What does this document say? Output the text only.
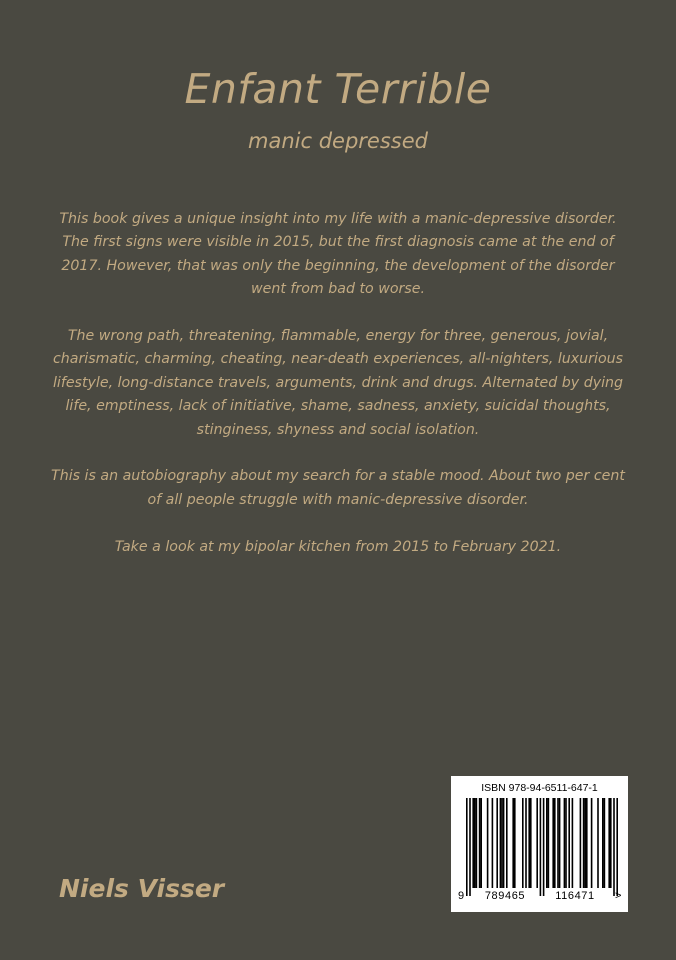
Enfant Terrible
manic depressed

This book gives a unique insight into my life with a manic-depressive disorder. The first signs were visible in 2015, but the first diagnosis came at the end of 2017. However, that was only the beginning, the development of the disorder went from bad to worse.

The wrong path, threatening, flammable, energy for three, generous, jovial, charismatic, charming, cheating, near-death experiences, all-nighters, luxurious lifestyle, long-distance travels, arguments, drink and drugs. Alternated by dying life, emptiness, lack of initiative, shame, sadness, anxiety, suicidal thoughts, stinginess, shyness and social isolation.

This is an autobiography about my search for a stable mood. About two per cent of all people struggle with manic-depressive disorder.

Take a look at my bipolar kitchen from 2015 to February 2021.

Niels Visser
ISBN 978-94-6511-647-1
9	789465	116471	>
